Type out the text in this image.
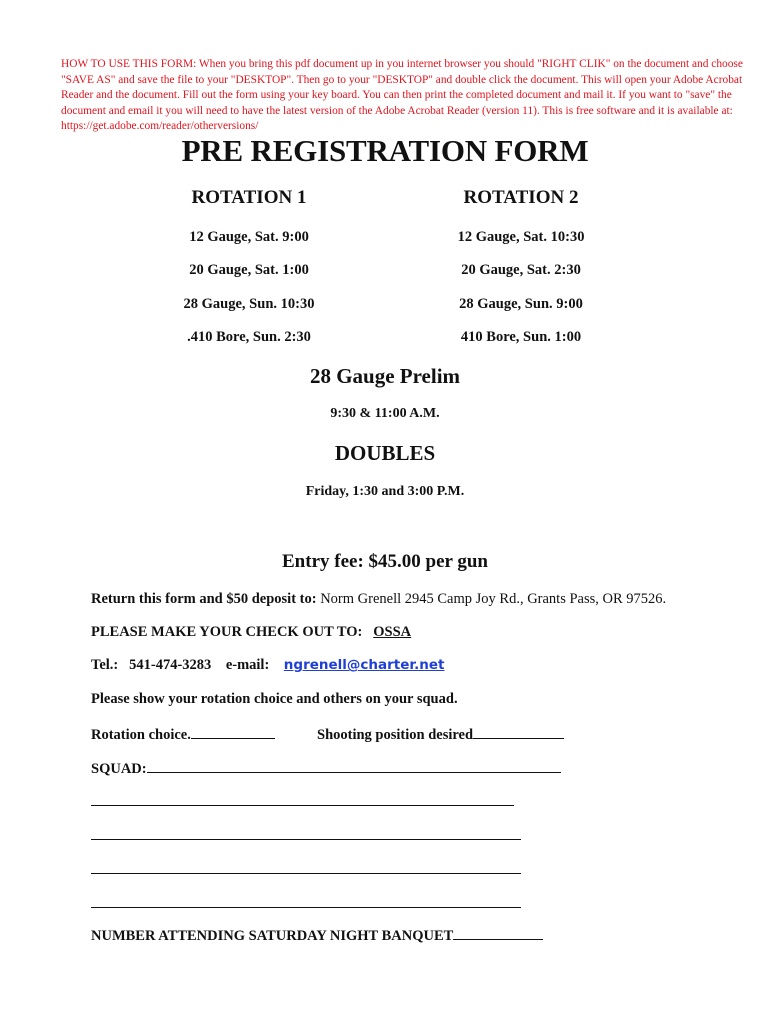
HOW TO USE THIS FORM: When you bring this pdf document up in you internet browser you should "RIGHT CLIK" on the document and choose "SAVE AS" and save the file to your "DESKTOP". Then go to your "DESKTOP" and double click the document. This will open your Adobe Acrobat Reader and the document. Fill out the form using your key board. You can then print the completed document and mail it. If you want to "save" the document and email it you will need to have the latest version of the Adobe Acrobat Reader (version 11). This is free software and it is available at: https://get.adobe.com/reader/otherversions/
PRE REGISTRATION FORM
ROTATION 1
12 Gauge, Sat. 9:00
20 Gauge, Sat. 1:00
28 Gauge, Sun. 10:30
.410 Bore, Sun. 2:30
ROTATION 2
12 Gauge, Sat. 10:30
20 Gauge, Sat. 2:30
28 Gauge, Sun. 9:00
410 Bore, Sun. 1:00
28 Gauge Prelim
9:30 & 11:00 A.M.
DOUBLES
Friday, 1:30 and 3:00 P.M.
Entry fee: $45.00 per gun
Return this form and $50 deposit to: Norm Grenell 2945 Camp Joy Rd., Grants Pass, OR 97526.
PLEASE MAKE YOUR CHECK OUT TO: OSSA
Tel.: 541-474-3283 e-mail: ngrenell@charter.net
Please show your rotation choice and others on your squad.
Rotation choice.	Shooting position desired
SQUAD:
NUMBER ATTENDING SATURDAY NIGHT BANQUET
